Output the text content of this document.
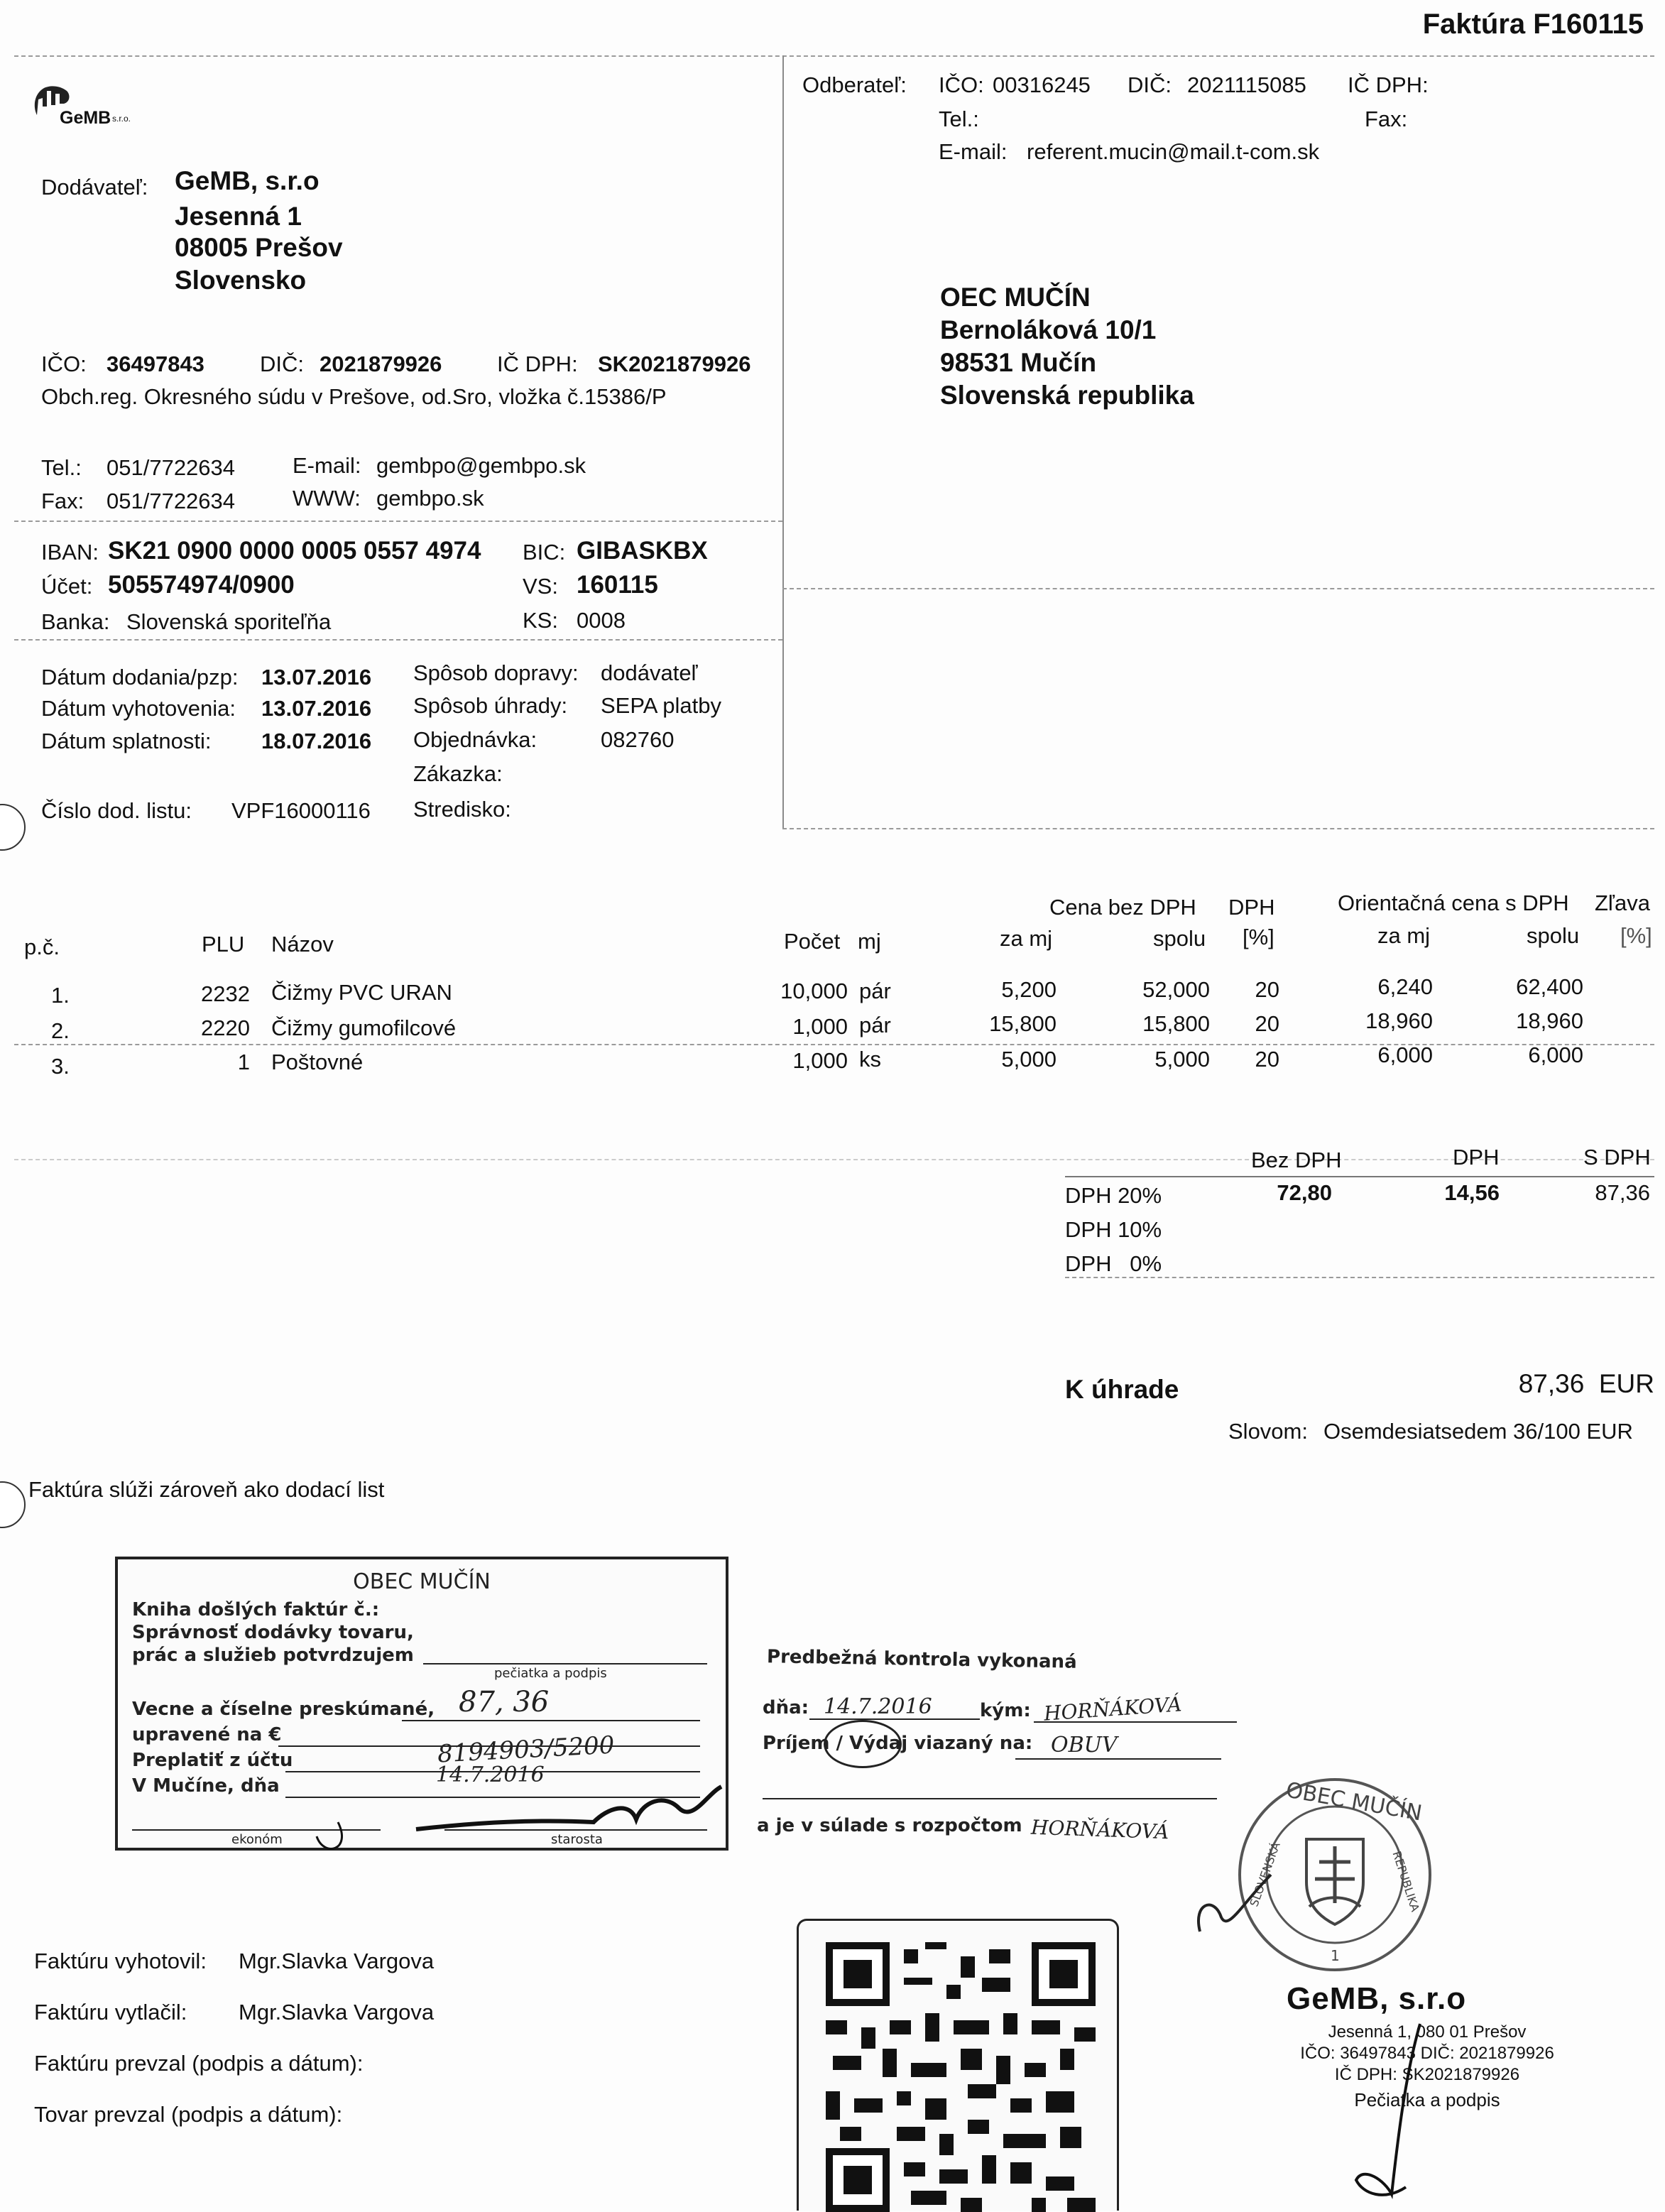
Faktúra F160115
GeMB s.r.o.
Dodávateľ: GeMB, s.r.o
Jesenná 1
08005 Prešov
Slovensko
IČO: 36497843	DIČ: 2021879926	IČ DPH: SK2021879926
Obch.reg. Okresného súdu v Prešove, od.Sro, vložka č.15386/P
Tel.: 051/7722634	E-mail: gembpo@gembpo.sk
Fax: 051/7722634	WWW: gembpo.sk
IBAN: SK21 0900 0000 0005 0557 4974 BIC: GIBASKBX
Účet: 505574974/0900	VS: 160115
Banka: Slovenská sporiteľňa	KS: 0008
Dátum dodania/pzp: 13.07.2016
Dátum vyhotovenia: 13.07.2016
Dátum splatnosti: 18.07.2016
Číslo dod. listu: VPF16000116
Spôsob dopravy: dodávateľ
Spôsob úhrady: SEPA platby
Objednávka:	082760
Zákazka:
Stredisko:
Odberateľ: IČO: 00316245 DIČ: 2021115085 IČ DPH:
Tel.:	Fax:
E-mail: referent.mucin@mail.t-com.sk
OEC MUČÍN
Bernoláková 10/1
98531 Mučín
Slovenská republika
Cena bez DPH DPH	Orientačná cena s DPH Zľava
p.č.	PLU Názov	Počet mj	za mj	spolu [%]	za mj	spolu [%]
1.	2232 Čižmy PVC URAN	10,000 pár	5,200	52,000	20	6,240	62,400
2.	2220 Čižmy gumofilcové	1,000 pár	15,800	15,800	20	18,960	18,960
3.	1 Poštovné	1,000 ks	5,000	5,000	20	6,000	6,000
Bez DPH	DPH	S DPH
DPH 20%	72,80	14,56	87,36
DPH 10%
DPH   0%
K úhrade	87,36  EUR
Slovom: Osemdesiatsedem 36/100 EUR
Faktúra slúži zároveň ako dodací list
OBEC MUČÍN
Kniha došlých faktúr č.:
Správnosť dodávky tovaru,
prác a služieb potvrdzujem
pečiatka a podpis
Vecne a číselne preskúmané,
upravené na €
Preplatiť z účtu
V Mučíne, dňa
87, 36
8194903/5200
14.7.2016
ekonóm	starosta
Predbežná kontrola vykonaná
dňa: 14.7.2016	kým: HORŇÁKOVÁ
Príjem / Výdaj viazaný na: OBUV
a je v súlade s rozpočtom HORŇÁKOVÁ
OBEC MUČÍN
SLOVENSKÁ	REPUBLIKA
1
Faktúru vyhotovil: Mgr.Slavka Vargova
Faktúru vytlačil: Mgr.Slavka Vargova
Faktúru prevzal (podpis a dátum):
Tovar prevzal (podpis a dátum):
GeMB, s.r.o
Jesenná 1, 080 01 Prešov
IČO: 36497843 DIČ: 2021879926
IČ DPH: SK2021879926
Pečiatka a podpis
